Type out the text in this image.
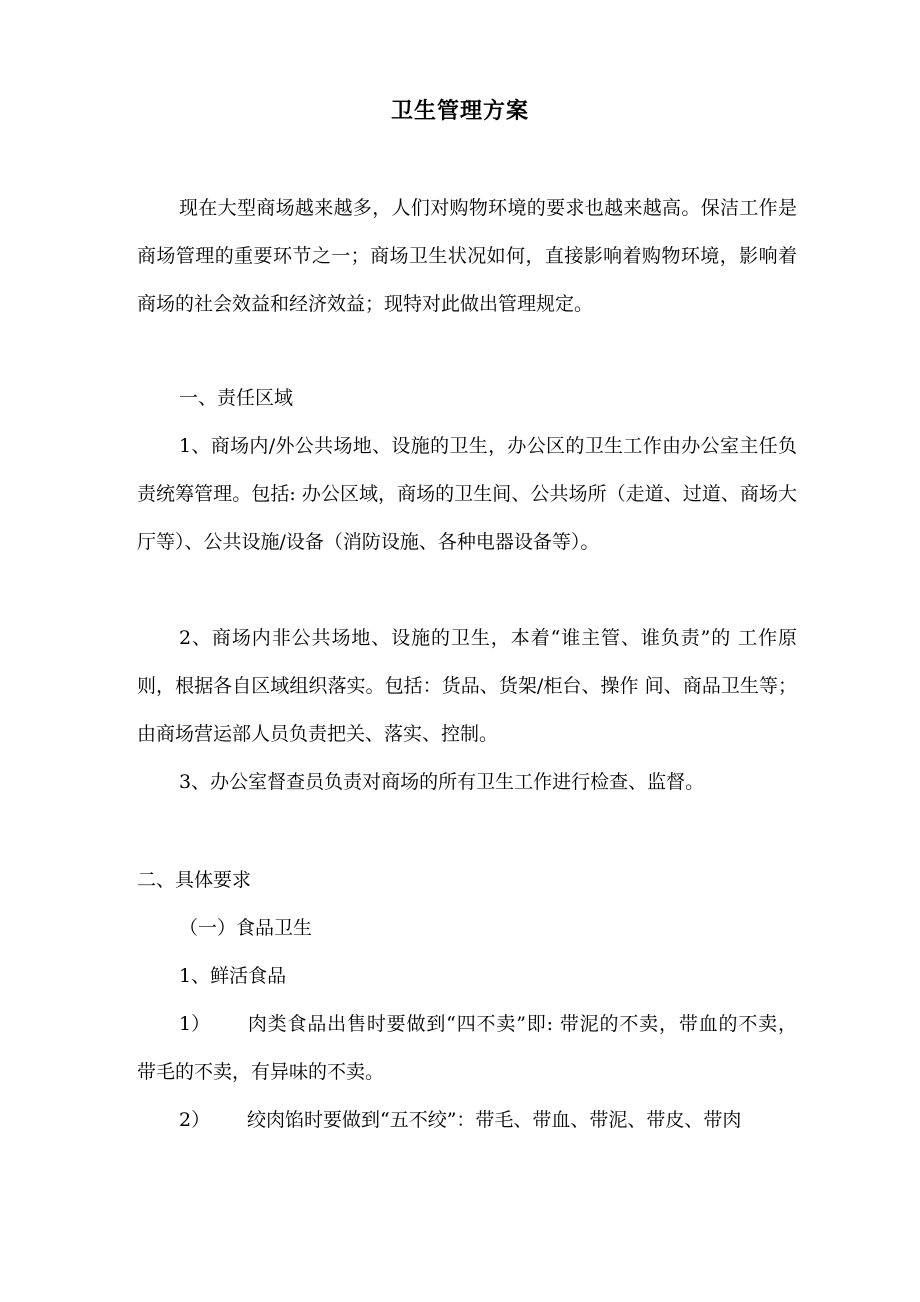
卫生管理方案

现在大型商场越来越多，人们对购物环境的要求也越来越高。保洁工作是商场管理的重要环节之一；商场卫生状况如何，直接影响着购物环境，影响着商场的社会效益和经济效益；现特对此做出管理规定。

一、责任区域

1、商场内/外公共场地、设施的卫生，办公区的卫生工作由办公室主任负责统筹管理。包括: 办公区域，商场的卫生间、公共场所（走道、过道、商场大厅等）、公共设施/设备（消防设施、各种电器设备等）。

2、商场内非公共场地、设施的卫生，本着“谁主管、谁负责”的 工作原则，根据各自区域组织落实。包括：货品、货架/柜台、操作 间、商品卫生等；由商场营运部人员负责把关、落实、控制。

3、办公室督查员负责对商场的所有卫生工作进行检查、监督。

二、具体要求

（一）食品卫生

1、鲜活食品

1） 肉类食品出售时要做到“四不卖”即: 带泥的不卖，带血的不卖， 带毛的不卖，有异味的不卖。

2） 绞肉馅时要做到“五不绞”：带毛、带血、带泥、带皮、带肉
